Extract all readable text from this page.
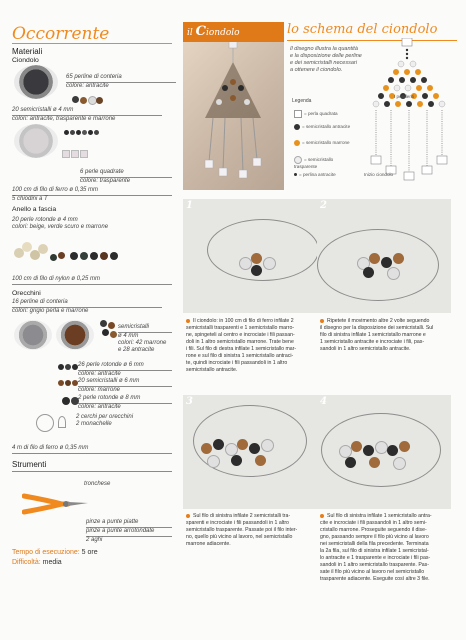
Occorrente
Materiali
Ciondolo
65 perline di conteria
colore: antracite
20 semicristalli ø 4 mm
colori: antracite, trasparente e marrone
6 perle quadrate
colore: trasparente
100 cm di filo di ferro ø 0,35 mm
5 chiodini a T
Anello a fascia
20 perle rotonde ø 4 mm
colori: beige, verde scuro e marrone
100 cm di filo di nylon ø 0,25 mm
Orecchini
16 perline di conteria
colori: grigio perla e marrone
semicristalli
ø 4 mm
colori: 42 marrone
e 28 antracite
26 perle rotonde ø 6 mm
colore: antracite
20 semicristalli ø 6 mm
colore: marrone
2 perle rotonde ø 8 mm
colore: antracite
2 cerchi per orecchini
2 monachelle
4 m di filo di ferro ø 0,35 mm
Strumenti
tronchese
pinze a punte piatte
pinze a punte arrotondate
2 aghi
Tempo di esecuzione: 5 ore
Difficoltà: media
il Ciondolo	lo schema del ciondolo
Il disegno illustra la quantità
e la disposizione delle perline
e dei semicristalli necessari
a ottenere il ciondolo.
Legenda
= perla quadrata
= semicristallo antracite
= semicristallo marrone
= semicristallo trasparente
= perlina antracite
I pendenti
Inizio ciondolo
1	2
Il ciondolo: in 100 cm di filo di ferro infilate 2
semicristalli trasparenti e 1 semicristallo marro-
ne, spingeteli al centro e incrociate i fili passan-
doli in 1 altro semicristallo marrone. Trate bene
i fili. Sul filo di destra infilate 1 semicristallo mar-
rone e sul filo di sinistra 1 semicristallo antraci-
te, quindi incrociate i fili passandoli in 1 altro
semicristallo antracite.
Ripetete il movimento altre 2 volte seguendo
il disegno per la disposizione dei semicristalli. Sul
filo di sinistra infilate 1 semicristallo marrone e
1 semicristallo antracite e incrociate i fili, pas-
sandoli in 1 altro semicristallo antracite.
3	4
Sul filo di sinistra infilate 2 semicristalli tra-
sparenti e incrociate i fili passandoli in 1 altro
semicristallo trasparente. Passate poi il filo inter-
no, quello più vicino al lavoro, nel semicristallo
marrone adiacente.
Sul filo di sinistra infilate 1 semicristallo antra-
cite e incrociate i fili passandoli in 1 altro semi-
cristallo marrone. Proseguite seguendo il dise-
gno, passando sempre il filo più vicino al lavoro
nei semicristalli della fila precedente. Terminata
la 2a fila, sul filo di sinistra infilate 1 semicristal-
lo antracite e 1 trasparente e incrociate i fili pas-
sandoli in 1 altro semicristallo trasparente. Pas-
sate il filo più vicino al lavoro nel semicristallo
trasparente adiacente. Eseguite così altre 3 file.
